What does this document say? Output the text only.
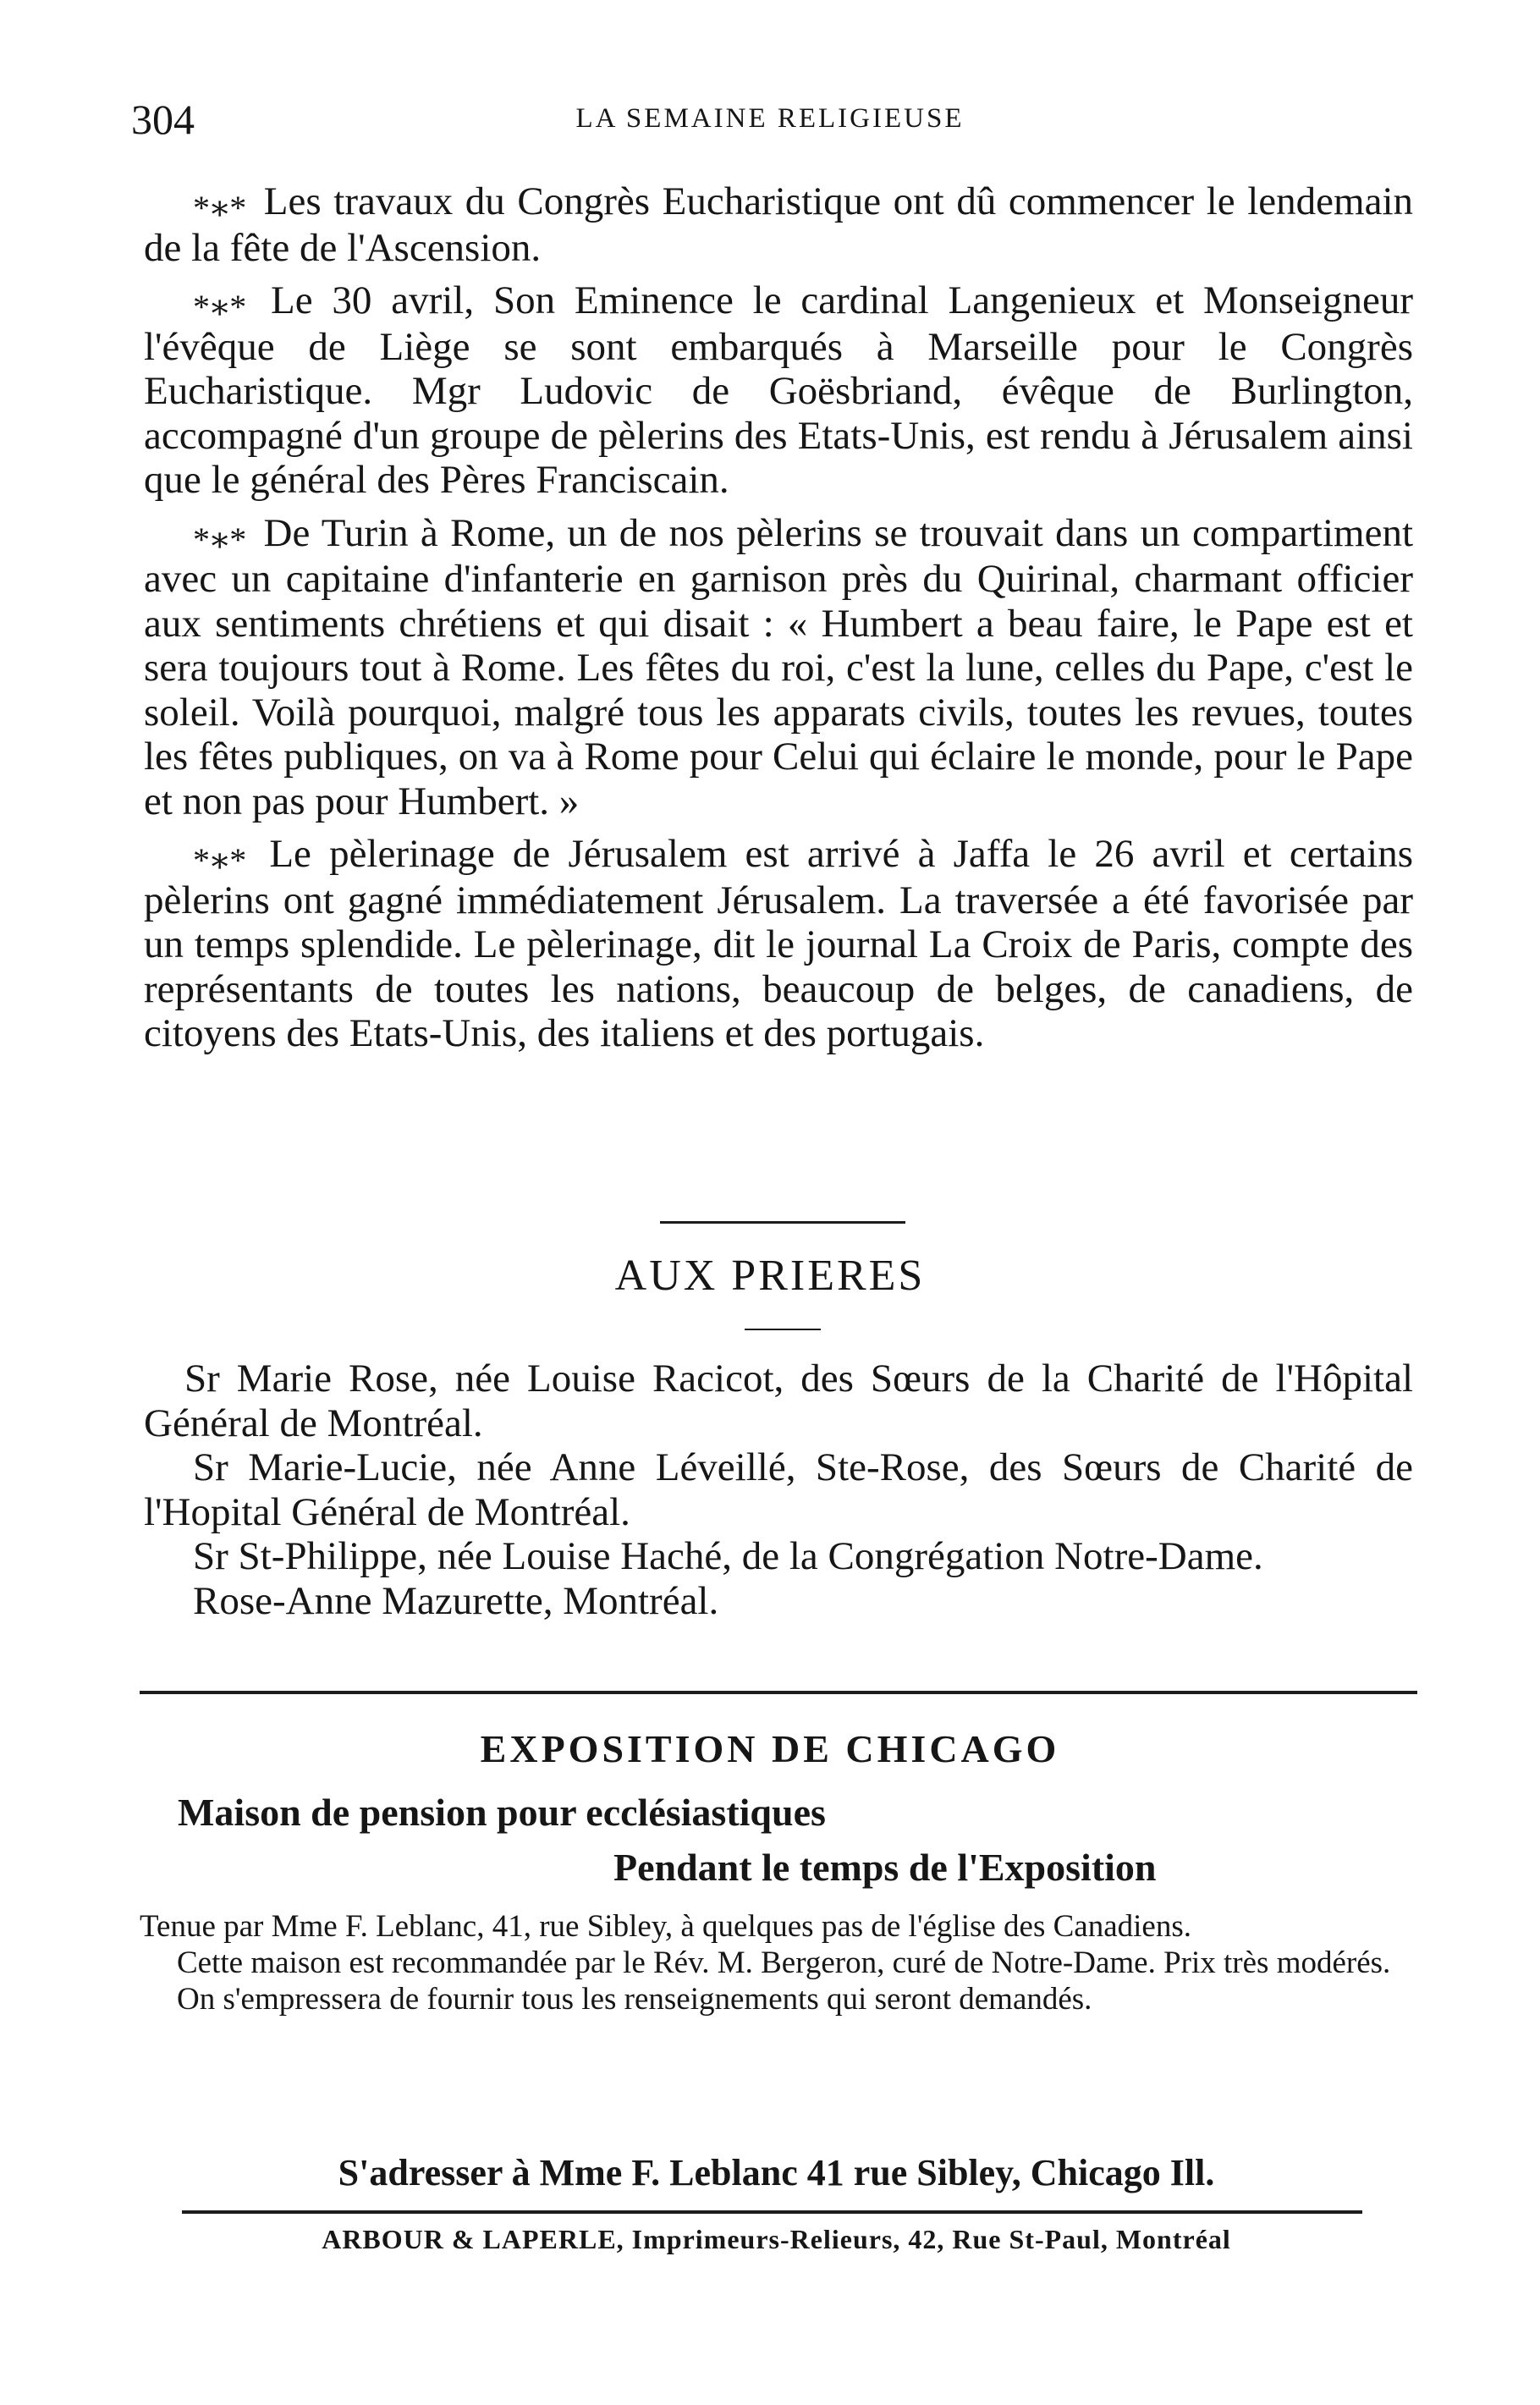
304	LA SEMAINE RELIGIEUSE

*∗* Les travaux du Congrès Eucharistique ont dû commencer le lendemain de la fête de l'Ascension.

*∗* Le 30 avril, Son Eminence le cardinal Langenieux et Monseigneur l'évêque de Liège se sont embarqués à Marseille pour le Congrès Eucharistique. Mgr Ludovic de Goësbriand, évêque de Burlington, accompagné d'un groupe de pèlerins des Etats-Unis, est rendu à Jérusalem ainsi que le général des Pères Franciscain.

*∗* De Turin à Rome, un de nos pèlerins se trouvait dans un compartiment avec un capitaine d'infanterie en garnison près du Quirinal, charmant officier aux sentiments chrétiens et qui disait : « Humbert a beau faire, le Pape est et sera toujours tout à Rome. Les fêtes du roi, c'est la lune, celles du Pape, c'est le soleil. Voilà pourquoi, malgré tous les apparats civils, toutes les revues, toutes les fêtes publiques, on va à Rome pour Celui qui éclaire le monde, pour le Pape et non pas pour Humbert. »

*∗* Le pèlerinage de Jérusalem est arrivé à Jaffa le 26 avril et certains pèlerins ont gagné immédiatement Jérusalem. La traversée a été favorisée par un temps splendide. Le pèlerinage, dit le journal La Croix de Paris, compte des représentants de toutes les nations, beaucoup de belges, de canadiens, de citoyens des Etats-Unis, des italiens et des portugais.

AUX PRIERES

Sr Marie Rose, née Louise Racicot, des Sœurs de la Charité de l'Hôpital Général de Montréal.

Sr Marie-Lucie, née Anne Léveillé, Ste-Rose, des Sœurs de Charité de l'Hopital Général de Montréal.

Sr St-Philippe, née Louise Haché, de la Congrégation Notre-Dame.

Rose-Anne Mazurette, Montréal.

EXPOSITION DE CHICAGO
Maison de pension pour ecclésiastiques
Pendant le temps de l'Exposition

Tenue par Mme F. Leblanc, 41, rue Sibley, à quelques pas de l'église des Canadiens.

Cette maison est recommandée par le Rév. M. Bergeron, curé de Notre-Dame. Prix très modérés.

On s'empressera de fournir tous les renseignements qui seront demandés.

S'adresser à Mme F. Leblanc 41 rue Sibley, Chicago Ill.
ARBOUR & LAPERLE, Imprimeurs-Relieurs, 42, Rue St-Paul, Montréal
